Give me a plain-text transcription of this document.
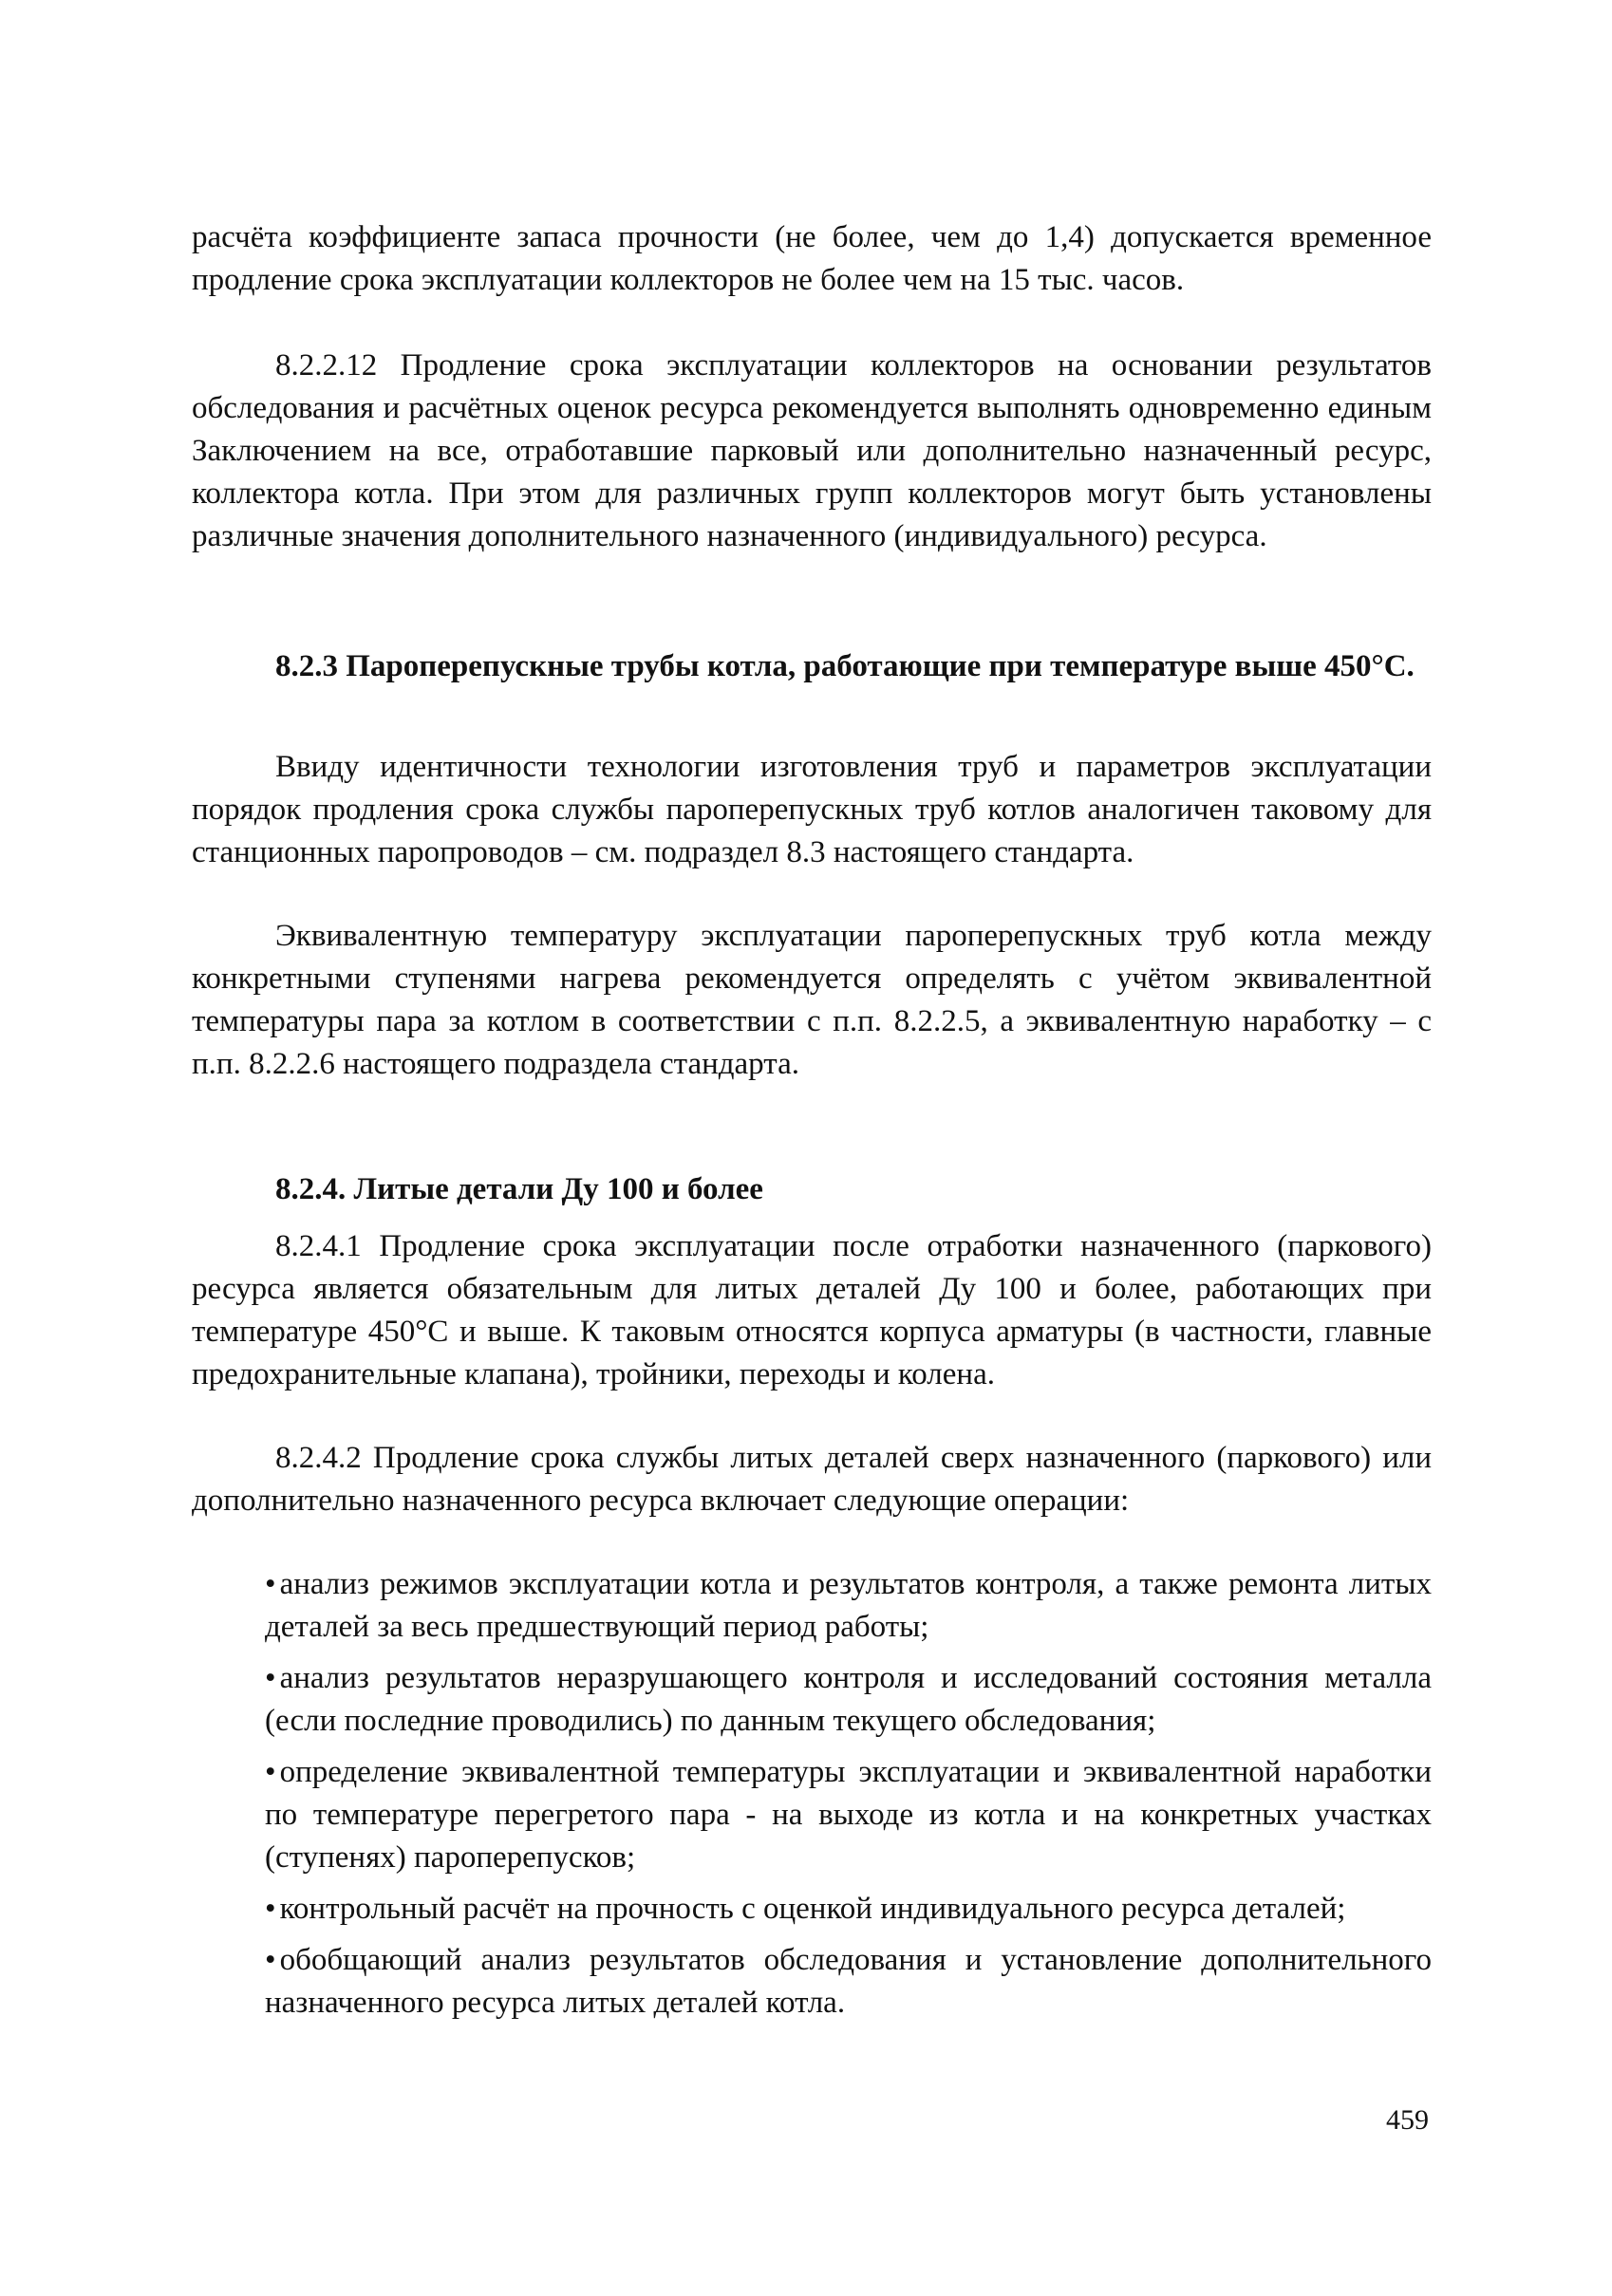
расчёта коэффициенте запаса прочности (не более, чем до 1,4) допускается временное продление срока эксплуатации коллекторов не более чем на 15 тыс. часов.

8.2.2.12 Продление срока эксплуатации коллекторов на основании результатов обследования и расчётных оценок ресурса рекомендуется выполнять одновременно единым Заключением на все, отработавшие парковый или дополнительно назначенный ресурс, коллектора котла. При этом для различных групп коллекторов могут быть установлены различные значения дополнительного назначенного (индивидуального) ресурса.

8.2.3 Пароперепускные трубы котла, работающие при температуре выше 450°С.

Ввиду идентичности технологии изготовления труб и параметров эксплуатации порядок продления срока службы пароперепускных труб котлов аналогичен таковому для станционных паропроводов – см. подраздел 8.3 настоящего стандарта.

Эквивалентную температуру эксплуатации пароперепускных труб котла между конкретными ступенями нагрева рекомендуется определять с учётом эквивалентной температуры пара за котлом в соответствии с п.п. 8.2.2.5, а эквивалентную наработку – с п.п. 8.2.2.6 настоящего подраздела стандарта.

8.2.4. Литые детали Ду 100 и более

8.2.4.1 Продление срока эксплуатации после отработки назначенного (паркового) ресурса является обязательным для литых деталей Ду 100 и более, работающих при температуре 450°С и выше. К таковым относятся корпуса арматуры (в частности, главные предохранительные клапана), тройники, переходы и колена.

8.2.4.2 Продление срока службы литых деталей сверх назначенного (паркового) или дополнительно назначенного ресурса включает следующие операции:

• анализ режимов эксплуатации котла и результатов контроля, а также ремонта литых деталей за весь предшествующий период работы;
• анализ результатов неразрушающего контроля и исследований состояния металла (если последние проводились) по данным текущего обследования;
• определение эквивалентной температуры эксплуатации и эквивалентной наработки по температуре перегретого пара - на выходе из котла и на конкретных участках (ступенях) пароперепусков;
• контрольный расчёт на прочность с оценкой индивидуального ресурса деталей;
• обобщающий анализ результатов обследования и установление дополнительного назначенного ресурса литых деталей котла.
459
